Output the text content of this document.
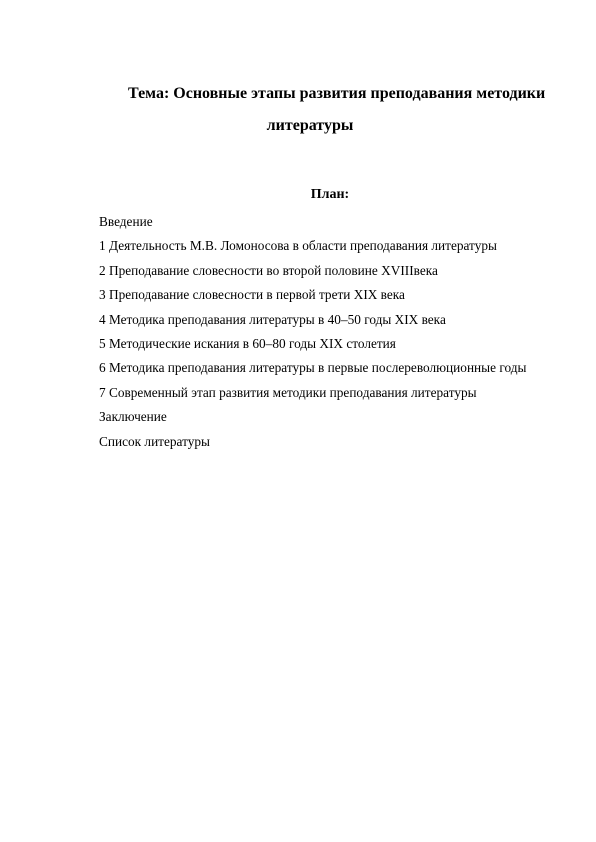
Тема: Основные этапы развития преподавания методики
литературы
План:
Введение
1 Деятельность М.В. Ломоносова в области преподавания литературы
2 Преподавание словесности во второй половине XVIIIвека
3 Преподавание словесности в первой трети XIX века
4 Методика преподавания литературы в 40–50 годы XIX века
5 Методические искания в 60–80 годы XIX столетия
6 Методика преподавания литературы в первые послереволюционные годы
7 Современный этап развития методики преподавания литературы
Заключение
Список литературы
